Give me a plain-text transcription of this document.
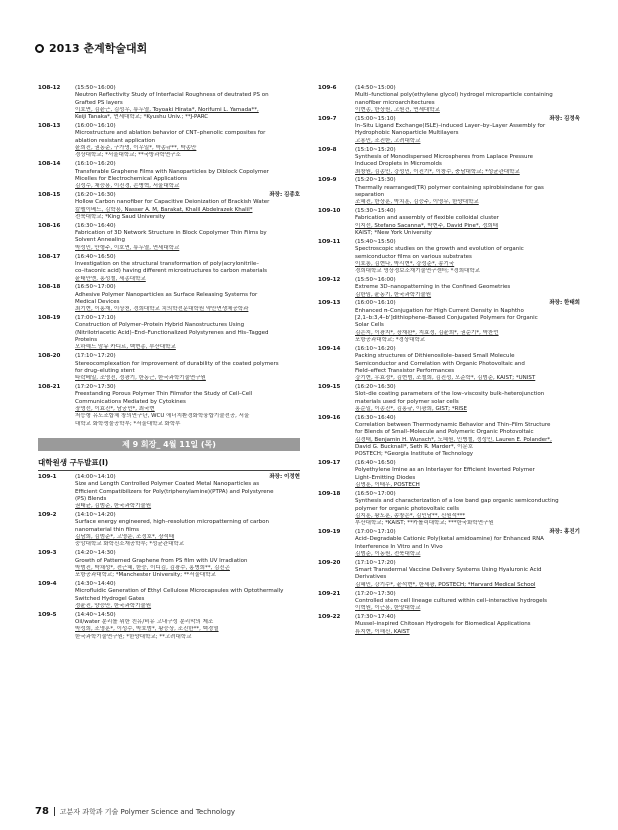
2013 춘계학술대회
1O8-12	(15:50~16:00)
Neutron Reflectivity Study of Interfacial Roughness of deutrated PS on
Grafted PS layers
이호연, 김윤근, 김성우, 류두열, Toyoaki Hirata*, Norifumi L. Yamada**,
Keiji Tanaka*, 연세대학교; *Kyushu Univ.; **J-PARC
1O8-13	(16:00~16:10)
Microstructure and ablation behavior of CNT–phenolic composites for
ablation resistant application
윤희진, 권동준, 구가영, 이우일*, 박종규**, 박종만
경상대학교; *서울대학교; **국방과학연구소
1O8-14	(16:10~16:20)
Transferable Graphene Films with Nanoparticles by Diblock Copolymer
Micelles for Electrochemical Applications
김성수, 채승용, 이진경, 손병혁, 서울대학교
1O8-15	(16:20~16:30)	좌장: 김종호
Hollow Carbon nanofiber for Capacitive Deionization of Brackish Water
칼펠이베드, 김학용, Nasser A. M, Barakat, Khalil Abdelrazek Khalil*
전북대학교; *King Saud University
1O8-16	(16:30~16:40)
Fabrication of 3D Network Structure in Block Copolymer Thin Films by
Solvent Annealing
박성민, 안형주, 이호연, 류두열, 연세대학교
1O8-17	(16:40~16:50)
Investigation on the structural transformation of poly(acrylonitrile–
co–itaconic acid) having different microstructures to carbon materials
윤태안엔, 홍성철, 세종대학교
1O8-18	(16:50~17:00)
Adhesive Polymer Nanoparticles as Surface Releasing Systems for
Medical Devices
최기현, 이홍재, 이상천, 경희대학교 치의학전문대학원 약안면생체공학과
1O8-19	(17:00~17:10)
Construction of Polymer–Protein Hybrid Nanostructures Using
(Nitrilotriacetic Acid)–End–Functionalized Polystyrenes and His–Tagged
Proteins
오하예드 암뮤 카디르, 백현종, 부산대학교
1O8-20	(17:10~17:20)
Stereocomplexation for improvement of durability of the coated polymers
for drug–eluting stent
타락베일, 조영진, 정광기, 한동근, 한국과학기술연구원
1O8-21	(17:20~17:30)
Freestanding Porous Polymer Thin Filmsfor the Study of Cell–Cell
Communications Mediated by Cytokines
장영선, 이효진*, 남궁민*, 최국현
저능형 유도조합체 창의연구단, WCU 에너지환경화학융합기술전공, 서울
대학교 화학생물공학부; *서울대학교 화학부
제 9 회장_ 4월 11일 (목)
대학원생 구두발표(I)
1O9-1	(14:00~14:10)	좌장: 이정현
Size and Length Controlled Polymer Coated Metal Nanoparticles as
Efficient Compatibilizers for Poly(triphenylamine)(PTPA) and Polystyrene
(PS) Blends
권태균, 김범준, 한국과학기술원
1O9-2	(14:10~14:20)
Surface energy engineered, high–resolution micropatterning of carbon
nanomaterial thin films
김남희, 김범준*, 고영운, 조정호*, 장석태
중앙대학교 화학신소재공학부; *성균관대학교
1O9-3	(14:20~14:30)
Growth of Patterned Graphene from PS film with UV Irradiation
박범진, 박채성*, 전근혜, 한승, 이디김, 김광수, 홍병희**, 김진곤
포항공과대학교; *Manchester University; **서울대학교
1O9-4	(14:30~14:40)
Microfluidic Generation of Ethyl Cellulose Microcapsules with Optothermally
Switched Hydrogel Gates
정윤진, 양승만, 한국과학기술원
1O9-5	(14:40~14:50)
Oil/water 분리를 위한 친유/비유 고내구성 분리막의 제조
박성희, 조영훈*, 이성수, 박호범*, 황승상, 조진한**, 백경열
한국과학기술연구원; *한양대학교; **고려대학교
1O9-6	(14:50~15:00)
Multi–functional poly(ethylene glycol) hydrogel microparticle containing
nanofiber microarchitectures
이현종, 한상원, 고원건, 연세대학교
1O9-7	(15:00~15:10)	좌장: 김정욱
In–Situ Ligand Exchange(ISLE)–induced Layer–by–Layer Assembly for
Hydrophobic Nanoparticle Multilayers
고용민, 조진한, 고려대학교
1O9-8	(15:10~15:20)
Synthesis of Monodispersed Microspheres from Laplace Pressure
Induced Droplets in Micromolds
최창원, 김종민, 강성민, 이진기*, 이창수, 충남대학교; *성균관대학교
1O9-9	(15:20~15:30)
Thermally rearranged(TR) polymer containing spirobisindane for gas
separation
조혜진, 한상훈, 박치훈, 김승주, 이영무, 한양대학교
1O9-10	(15:30~15:40)
Fabrication and assembly of flexible colloidal cluster
이지선, Stefano Sacanna*, 박현주, David Pine*, 정희태
KAIST; *New York University
1O9-11	(15:40~15:50)
Spectroscopic studies on the growth and evolution of organic
semiconductor films on various substrates
이호롱, 김현나, 박시현*, 강성준*, 송기국
경희대학교 영상정보소재기술연구센터; *경희대학교
1O9-12	(15:50~16:00)
Extreme 3D–nanopatterning in the Confined Geometries
김한임, 윤동기, 한국과학기술원
1O9-13	(16:00~16:10)	좌장: 한태희
Enhanced π–Conjugation for High Current Density in Naphtho
[2,1–b:3,4–b']dithiophene–Based Conjugated Polymers for Organic
Solar Cells
김은지, 이광지*, 장재완*, 지효정, 김윤희*, 권순기*, 박찬언
포항공과대학교; *경상대학교
1O9-14	(16:10~16:20)
Packing structures of Dithienosilole–based Small Molecule
Semiconductor and Correlation with Organic Photovoltaic and
Field–effect Transistor Performances
강기현, 우효정*, 김현범, 조철희, 김진성, 오준학*, 김범준, KAIST; *UNIST
1O9-15	(16:20~16:30)
Slot–die coating parameters of the low–viscosity bulk–heterojunction
materials used for polymer solar cells
홍순일, 이종진*, 김홍규, 이광희, GIST; *RISE
1O9-16	(16:30~16:40)
Correlation between Thermodynamic Behavior and Thin–Film Structure
for Blends of Small–Molecule and Polymeric Organic Photovoltaic
김경태, Benjamin H. Wunsch*, 노혜원, 민병철, 정성민, Lauren E. Polander*,
David G. Bucknall*, Seth R. Marder*, 이문호
POSTECH; *Georgia Institute of Technology
1O9-17	(16:40~16:50)
Polyethylene Imine as an Interlayer for Efficient Inverted Polymer
Light–Emitting Diodes
김명훈, 이태우, POSTECH
1O9-18	(16:50~17:00)
Synthesis and characterization of a low band gap organic semiconducting
polymer for organic photovoltaic cells
김지훈, 황도훈, 송창은*, 김인남**, 신원석***
부산대학교; *KAIST; **카톨릭대학교; ***한국화학연구원
1O9-19	(17:00~17:10)	좌장: 홍진기
Acid–Degradable Cationic Poly(ketal amidoamine) for Enhanced RNA
Interference In Vitro and In Vivo
김범준, 이동원, 전북대학교
1O9-20	(17:10~17:20)
Smart Transdermal Vaccine Delivery Systems Using Hyaluronic Acid
Derivatives
김혜민, 강기수*, 윤석현*, 한세광, POSTECH; *Harvard Medical School
1O9-21	(17:20~17:30)
Controlled stem cell lineage cultured within cell–interactive hydrogels
이혁원, 이근용, 한양대학교
1O9-22	(17:30~17:40)
Mussel–inspired Chitosan Hydrogels for Biomedical Applications
류지현, 이해신, KAIST
78 고분자 과학과 기술 Polymer Science and Technology
